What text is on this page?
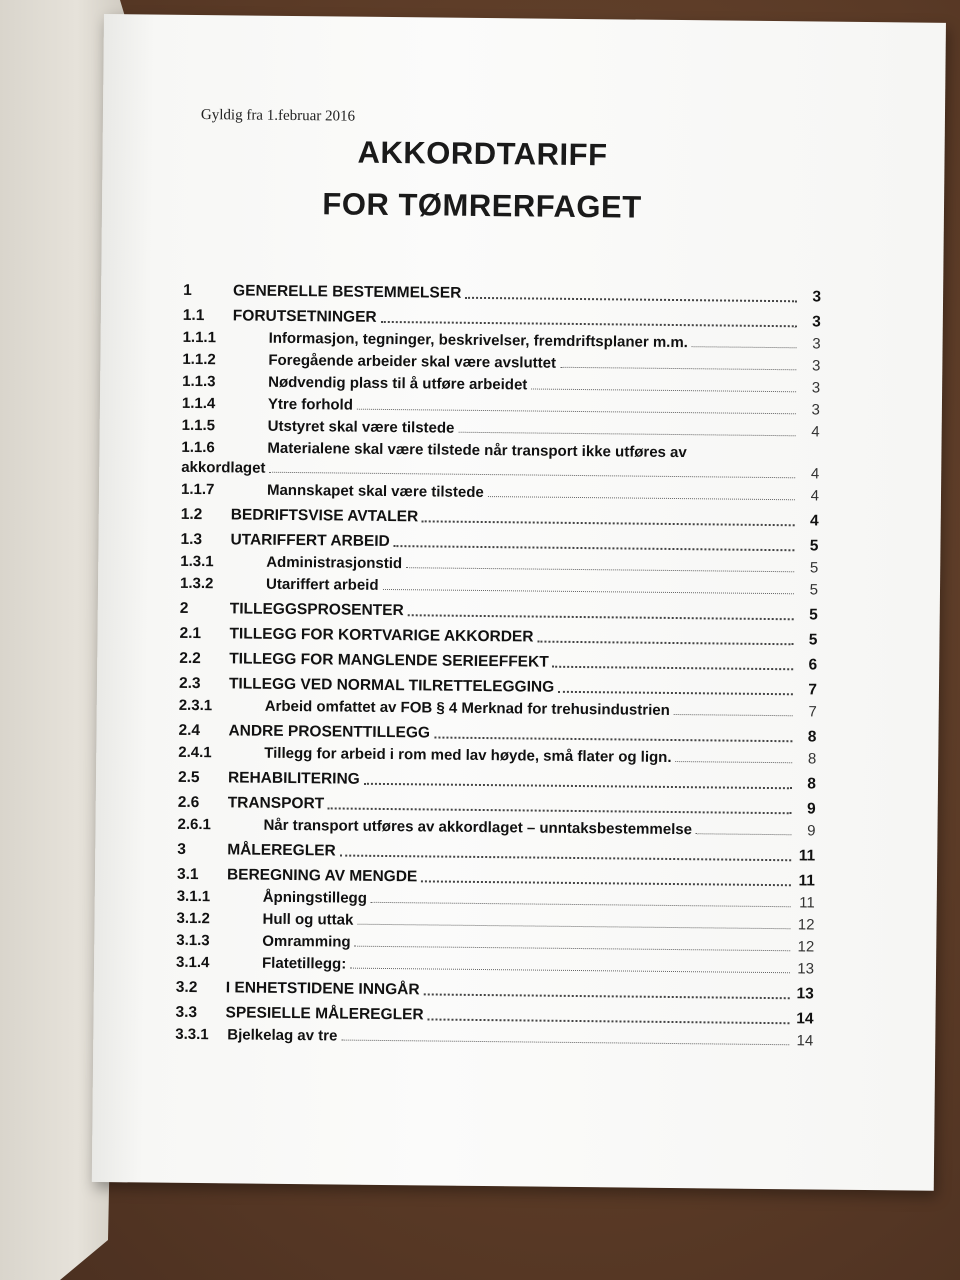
Gyldig fra 1.februar 2016
AKKORDTARIFF
FOR TØMRERFAGET
1	GENERELLE BESTEMMELSER	3
1.1 FORUTSETNINGER	3
1.1.1	Informasjon, tegninger, beskrivelser, fremdriftsplaner m.m.	3
1.1.2	Foregående arbeider skal være avsluttet	3
1.1.3	Nødvendig plass til å utføre arbeidet	3
1.1.4	Ytre forhold	3
1.1.5	Utstyret skal være tilstede	4
1.1.6	Materialene skal være tilstede når transport ikke utføres av
akkordlaget	4
1.1.7	Mannskapet skal være tilstede	4
1.2 BEDRIFTSVISE AVTALER	4
1.3 UTARIFFERT ARBEID	5
1.3.1	Administrasjonstid	5
1.3.2	Utariffert arbeid	5
2	TILLEGGSPROSENTER	5
2.1 TILLEGG FOR KORTVARIGE AKKORDER	5
2.2 TILLEGG FOR MANGLENDE SERIEEFFEKT	6
2.3 TILLEGG VED NORMAL TILRETTELEGGING	7
2.3.1	Arbeid omfattet av FOB § 4 Merknad for trehusindustrien	7
2.4 ANDRE PROSENTTILLEGG	8
2.4.1	Tillegg for arbeid i rom med lav høyde, små flater og lign.	8
2.5 REHABILITERING	8
2.6 TRANSPORT	9
2.6.1	Når transport utføres av akkordlaget – unntaksbestemmelse	9
3	MÅLEREGLER	11
3.1 BEREGNING AV MENGDE	11
3.1.1	Åpningstillegg	11
3.1.2	Hull og uttak	12
3.1.3	Omramming	12
3.1.4	Flatetillegg:	13
3.2 I ENHETSTIDENE INNGÅR	13
3.3 SPESIELLE MÅLEREGLER	14
3.3.1 Bjelkelag av tre	14
